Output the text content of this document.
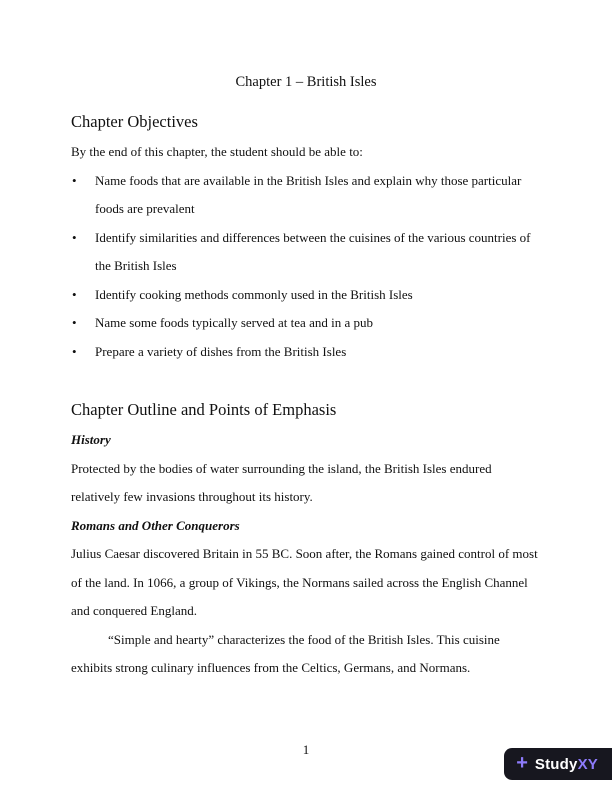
Chapter 1 – British Isles
Chapter Objectives

By the end of this chapter, the student should be able to:

• Name foods that are available in the British Isles and explain why those particular foods are prevalent
• Identify similarities and differences between the cuisines of the various countries of the British Isles
• Identify cooking methods commonly used in the British Isles
• Name some foods typically served at tea and in a pub
• Prepare a variety of dishes from the British Isles
Chapter Outline and Points of Emphasis
History

Protected by the bodies of water surrounding the island, the British Isles endured relatively few invasions throughout its history.

Romans and Other Conquerors

Julius Caesar discovered Britain in 55 BC. Soon after, the Romans gained control of most of the land. In 1066, a group of Vikings, the Normans sailed across the English Channel and conquered England.

“Simple and hearty” characterizes the food of the British Isles. This cuisine exhibits strong culinary influences from the Celtics, Germans, and Normans.

1
+ StudyXY
